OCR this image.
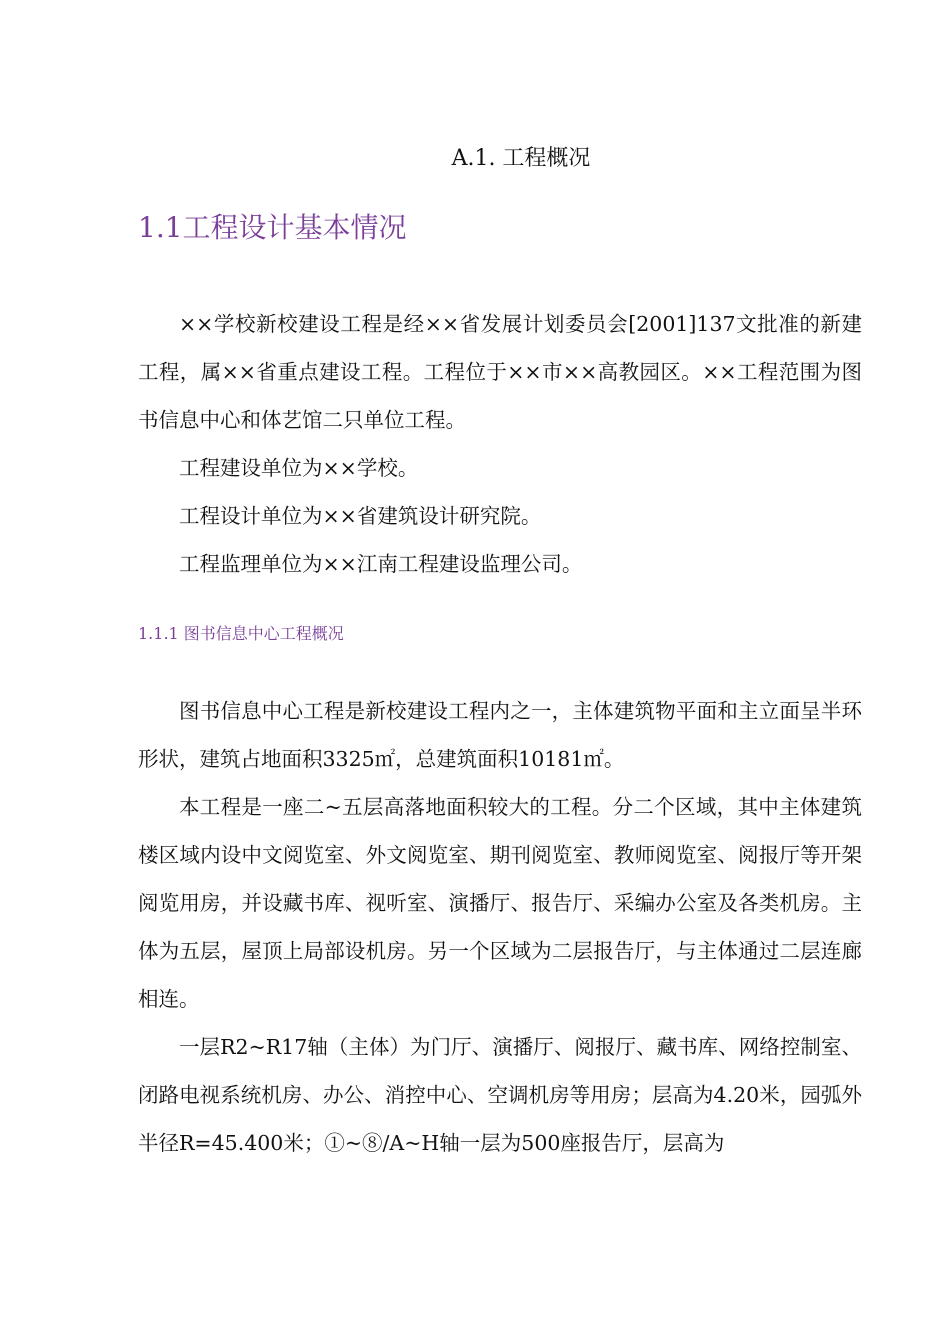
A.1. 工程概况
1.1工程设计基本情况

××学校新校建设工程是经××省发展计划委员会[2001]137文批准的新建工程，属××省重点建设工程。工程位于××市××高教园区。××工程范围为图书信息中心和体艺馆二只单位工程。

工程建设单位为××学校。

工程设计单位为××省建筑设计研究院。

工程监理单位为××江南工程建设监理公司。

1.1.1 图书信息中心工程概况

图书信息中心工程是新校建设工程内之一，主体建筑物平面和主立面呈半环形状，建筑占地面积3325㎡，总建筑面积10181㎡。

本工程是一座二~五层高落地面积较大的工程。分二个区域，其中主体建筑楼区域内设中文阅览室、外文阅览室、期刊阅览室、教师阅览室、阅报厅等开架阅览用房，并设藏书库、视听室、演播厅、报告厅、采编办公室及各类机房。主体为五层，屋顶上局部设机房。另一个区域为二层报告厅，与主体通过二层连廊相连。

一层R2~R17轴（主体）为门厅、演播厅、阅报厅、藏书库、网络控制室、闭路电视系统机房、办公、消控中心、空调机房等用房；层高为4.20米，园弧外半径R=45.400米；①~⑧/A~H轴一层为500座报告厅，层高为
